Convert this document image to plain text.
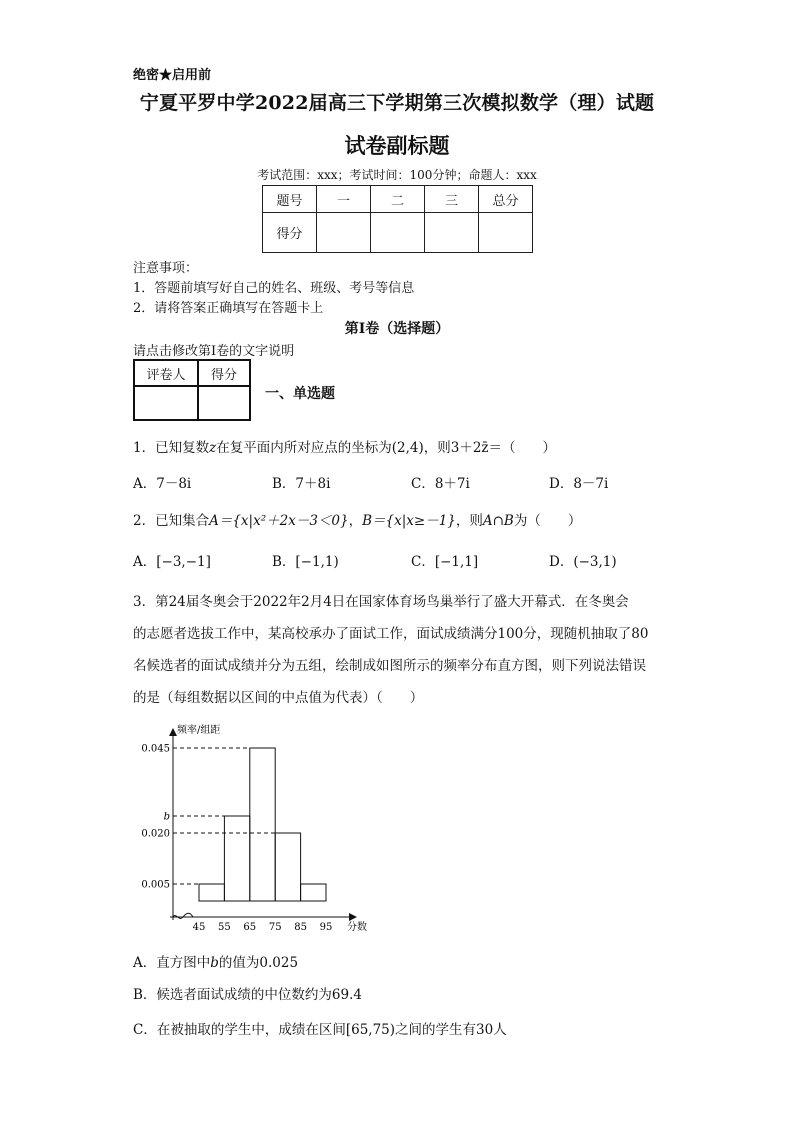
绝密★启用前
宁夏平罗中学2022届高三下学期第三次模拟数学（理）试题
试卷副标题
考试范围：xxx；考试时间：100分钟；命题人：xxx
题号	一	二	三	总分
得分				
注意事项：
1．答题前填写好自己的姓名、班级、考号等信息
2．请将答案正确填写在答题卡上
第I卷（选择题）
请点击修改第I卷的文字说明
评卷人	得分

一、单选题
1．已知复数z在复平面内所对应点的坐标为(2,4)，则3＋2z̄＝（　　）
A．7－8i	B．7＋8i	C．8＋7i	D．8－7i
2．已知集合A＝{x|x²＋2x－3＜0}，B＝{x|x≥－1}，则A∩B为（　　）
A．[−3,−1]	B．[−1,1)	C．[−1,1]	D．(−3,1)
3．第24届冬奥会于2022年2月4日在国家体育场鸟巢举行了盛大开幕式．在冬奥会
的志愿者选拔工作中，某高校承办了面试工作，面试成绩满分100分，现随机抽取了80
名候选者的面试成绩并分为五组，绘制成如图所示的频率分布直方图，则下列说法错误
的是（每组数据以区间的中点值为代表）（　　）
频率/组距
分数
45 55 65 75 85 95
0.005
0.020
b
0.045
A．直方图中b的值为0.025
B．候选者面试成绩的中位数约为69.4
C．在被抽取的学生中，成绩在区间[65,75)之间的学生有30人
